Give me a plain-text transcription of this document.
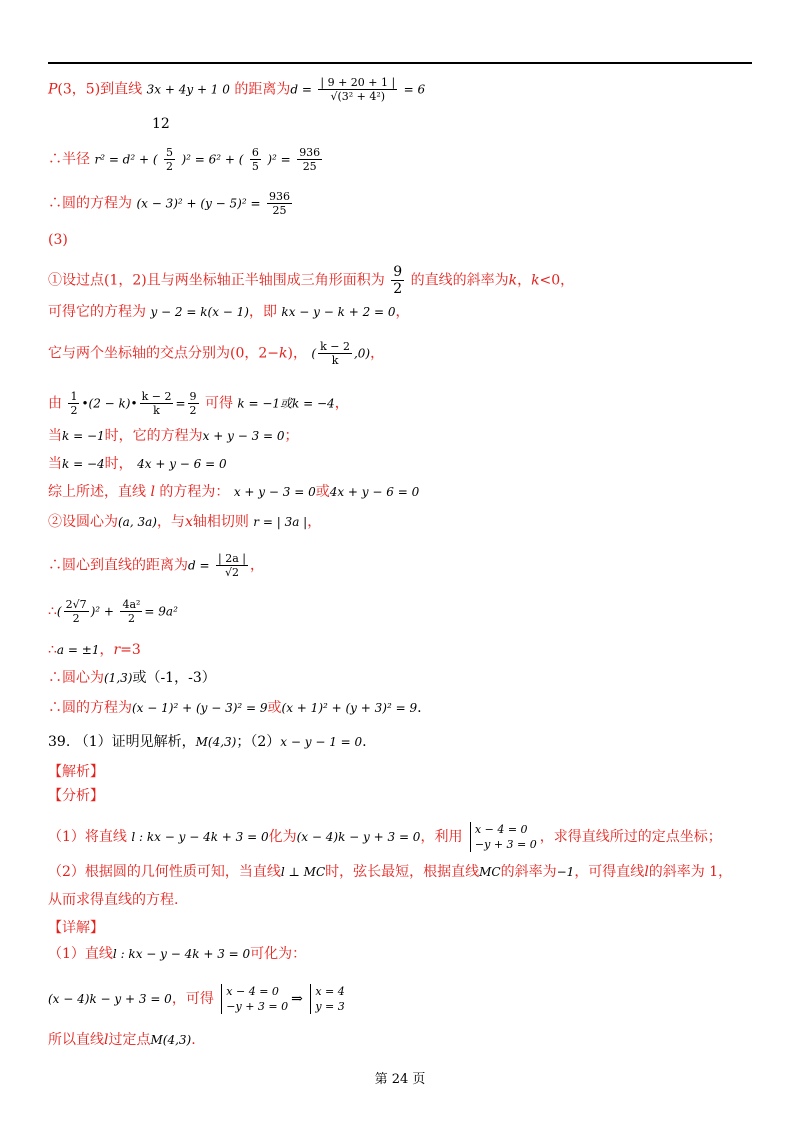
P(3，5)到直线 3x + 4y + 1 0 的距离为$d = \frac{| 9 + 20 + 1 |}{\text{√(3² + 4²)}} = 6$
12
∴半径 r² = d² + ( $\frac{5}{2} )^2 = 6^2$ + ( $\frac{6}{5} )^2 = \frac{936}{25}$
∴圆的方程为 $(x - 3)^2 + (y - 5)^2 = \frac{936}{25}$
(3)
①设过点(1，2)且与两坐标轴正半轴围成三角形面积为 $\frac{9}{2}$ 的直线的斜率为k，k<0，
可得它的方程为 y − 2 = k(x − 1)，即 kx − y − k + 2 = 0，
它与两个坐标轴的交点分别为(0，2−k)， ( $\frac{k - 2}{k} ,0$)，
由 $\frac{1}{2}$ •(2 − k)• $\frac{k - 2}{k} = \frac{9}{2}$ 可得 k = −1或k = −4，
当k = −1时，它的方程为x + y − 3 = 0；
当k = −4时， 4x + y − 6 = 0
综上所述，直线 l 的方程为： x + y − 3 = 0或4x + y − 6 = 0
②设圆心为(a, 3a)，与x轴相切则 r = | 3a |，
∴圆心到直线的距离为$d = \frac{| 2a |}{√2}$ ，
∴( $\frac{2√7}{2} )^2 + \frac{\text{4a²}}{2} = 9a^2$
∴a = ±1，r=3
∴圆心为(1,3)或（-1，-3）
∴圆的方程为(x − 1)² + (y − 3)² = 9或(x + 1)² + (y + 3)² = 9.
39. （1）证明见解析，M(4,3)；（2）x − y − 1 = 0.
【解析】
【分析】
（1）将直线 l : kx − y − 4k + 3 = 0化为(x − 4)k − y + 3 = 0，利用 x − 4 = 0
−y + 3 = 0 ，求得直线所过的定点坐标；
（2）根据圆的几何性质可知，当直线l ⊥ MC时，弦长最短，根据直线MC的斜率为−1，可得直线l的斜率为 1，
从而求得直线的方程.
【详解】
（1）直线l : kx − y − 4k + 3 = 0可化为：
(x − 4)k − y + 3 = 0，可得 x − 4 = 0
−y + 3 = 0 ⇒ x = 4
y = 3
所以直线l过定点M(4,3).
第 24 页
